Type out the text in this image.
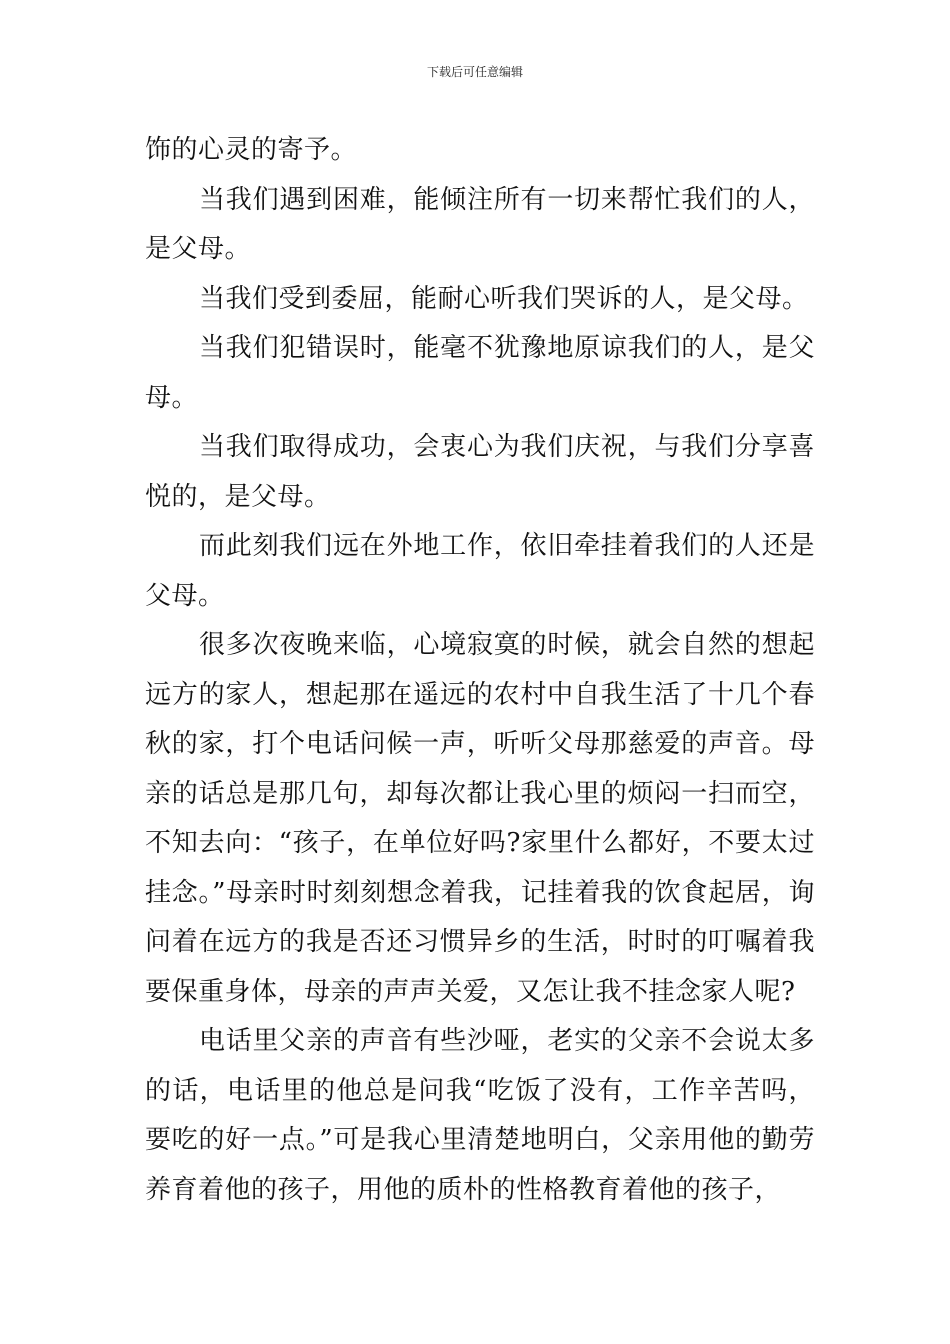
下载后可任意编辑

饰的心灵的寄予。

当我们遇到困难，能倾注所有一切来帮忙我们的人，是父母。

当我们受到委屈，能耐心听我们哭诉的人，是父母。

当我们犯错误时，能毫不犹豫地原谅我们的人，是父母。

当我们取得成功，会衷心为我们庆祝，与我们分享喜悦的，是父母。

而此刻我们远在外地工作，依旧牵挂着我们的人还是父母。

很多次夜晚来临，心境寂寞的时候，就会自然的想起远方的家人，想起那在遥远的农村中自我生活了十几个春秋的家，打个电话问候一声，听听父母那慈爱的声音。母亲的话总是那几句，却每次都让我心里的烦闷一扫而空，不知去向：“孩子，在单位好吗?家里什么都好，不要太过挂念。”母亲时时刻刻想念着我，记挂着我的饮食起居，询问着在远方的我是否还习惯异乡的生活，时时的叮嘱着我要保重身体，母亲的声声关爱，又怎让我不挂念家人呢?

电话里父亲的声音有些沙哑，老实的父亲不会说太多的话，电话里的他总是问我“吃饭了没有，工作辛苦吗，要吃的好一点。”可是我心里清楚地明白，父亲用他的勤劳养育着他的孩子，用他的质朴的性格教育着他的孩子，
